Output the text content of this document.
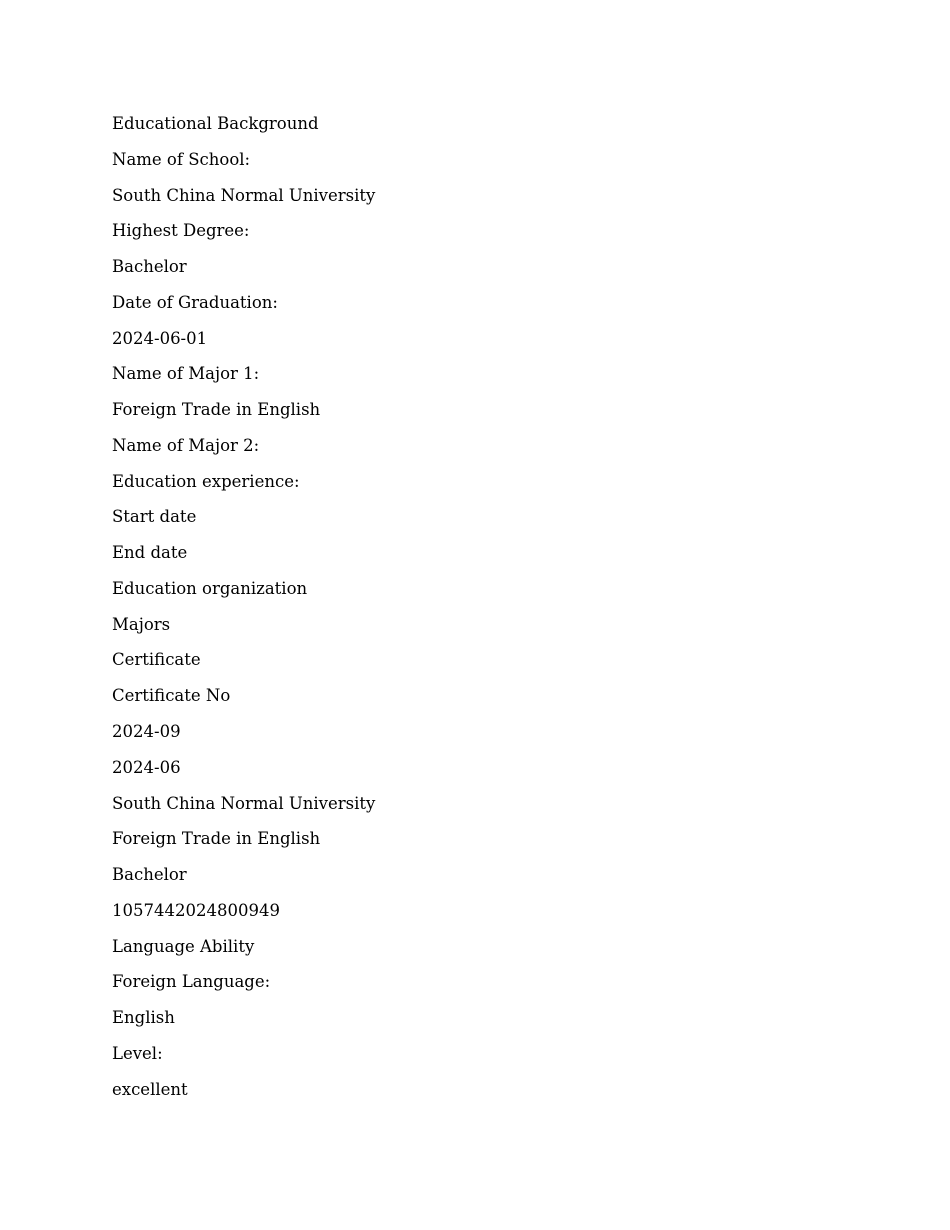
Educational Background
Name of School:
South China Normal University
Highest Degree:
Bachelor
Date of Graduation:
2024-06-01
Name of Major 1:
Foreign Trade in English
Name of Major 2:
Education experience:
Start date
End date
Education organization
Majors
Certificate
Certificate No
2024-09
2024-06
South China Normal University
Foreign Trade in English
Bachelor
1057442024800949
Language Ability
Foreign Language:
English
Level:
excellent
